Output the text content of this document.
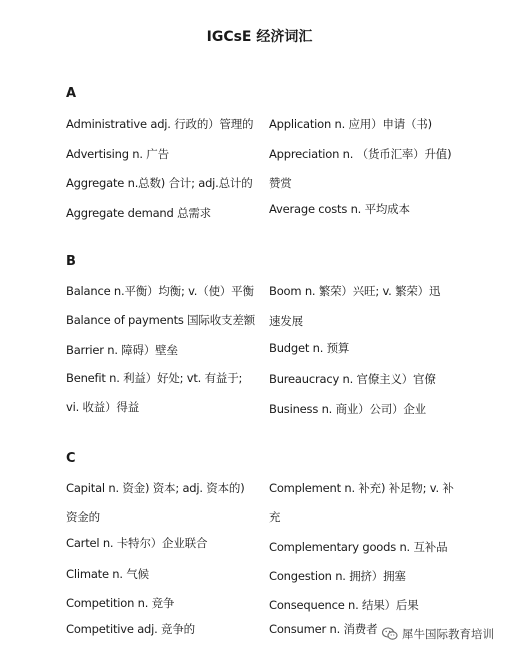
IGCsE 经济词汇
A
Administrative adj. 行政的）管理的
Advertising n. 广告
Aggregate n.总数) 合计; adj.总计的
Aggregate demand 总需求
Application n. 应用）申请（书)
Appreciation n. （货币汇率）升值)
赞赏
Average costs n. 平均成本
B
Balance n.平衡）均衡; v.（使）平衡
Balance of payments 国际收支差额
Barrier n. 障碍）壁垒
Benefit n. 利益）好处; vt. 有益于;
vi. 收益）得益
Boom n. 繁荣）兴旺; v. 繁荣）迅
速发展
Budget n. 预算
Bureaucracy n. 官僚主义）官僚
Business n. 商业）公司）企业
C
Capital n. 资金) 资本; adj. 资本的)
资金的
Cartel n. 卡特尔）企业联合
Climate n. 气候
Competition n. 竞争
Competitive adj. 竞争的
Complement n. 补充) 补足物; v. 补
充
Complementary goods n. 互补品
Congestion n. 拥挤）拥塞
Consequence n. 结果）后果
Consumer n. 消费者 犀牛国际教育培训
